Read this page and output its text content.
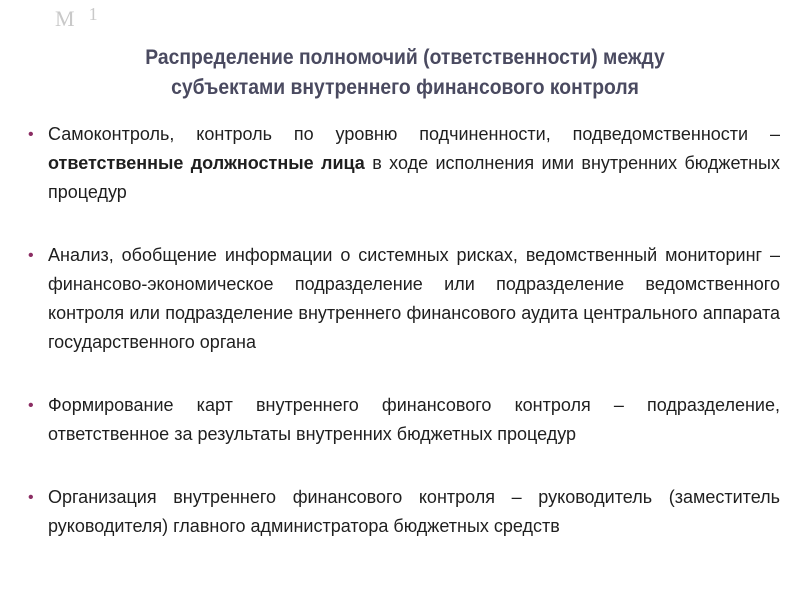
М1
Распределение полномочий (ответственности) между
субъектами внутреннего финансового контроля
• Самоконтроль, контроль по уровню подчиненности, подведомственности – ответственные должностные лица в ходе исполнения ими внутренних бюджетных процедур
• Анализ, обобщение информации о системных рисках, ведомственный мониторинг – финансово-экономическое подразделение или подразделение ведомственного контроля или подразделение внутреннего финансового аудита центрального аппарата государственного органа
• Формирование карт внутреннего финансового контроля – подразделение, ответственное за результаты внутренних бюджетных процедур
• Организация внутреннего финансового контроля – руководитель (заместитель руководителя) главного администратора бюджетных средств
